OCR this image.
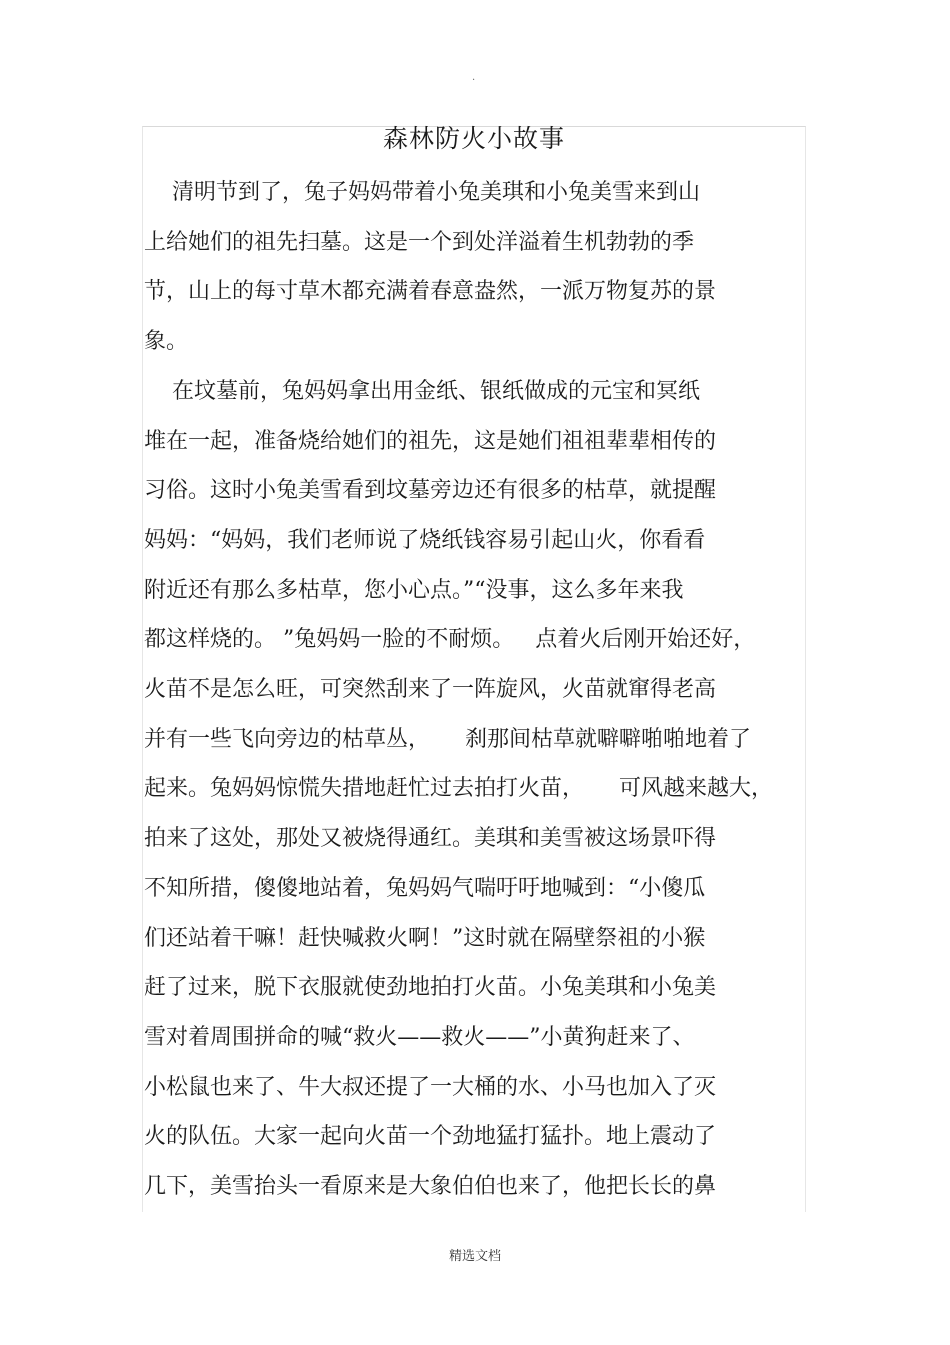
.
森林防火小故事
清明节到了，兔子妈妈带着小兔美琪和小兔美雪来到山
上给她们的祖先扫墓。这是一个到处洋溢着生机勃勃的季
节，山上的每寸草木都充满着春意盎然，一派万物复苏的景
象。
在坟墓前，兔妈妈拿出用金纸、银纸做成的元宝和冥纸
堆在一起，准备烧给她们的祖先，这是她们祖祖辈辈相传的
习俗。这时小兔美雪看到坟墓旁边还有很多的枯草，就提醒
妈妈：“妈妈，我们老师说了烧纸钱容易引起山火，你看看
附近还有那么多枯草，您小心点。”“没事，这么多年来我
都这样烧的。 ”兔妈妈一脸的不耐烦。   点着火后刚开始还好，
火苗不是怎么旺，可突然刮来了一阵旋风，火苗就窜得老高
并有一些飞向旁边的枯草丛，     刹那间枯草就噼噼啪啪地着了
起来。兔妈妈惊慌失措地赶忙过去拍打火苗，     可风越来越大，
拍来了这处，那处又被烧得通红。美琪和美雪被这场景吓得
不知所措，傻傻地站着，兔妈妈气喘吁吁地喊到：“小傻瓜
们还站着干嘛！赶快喊救火啊！”这时就在隔壁祭祖的小猴
赶了过来，脱下衣服就使劲地拍打火苗。小兔美琪和小兔美
雪对着周围拼命的喊“救火——救火——”小黄狗赶来了、
小松鼠也来了、牛大叔还提了一大桶的水、小马也加入了灭
火的队伍。大家一起向火苗一个劲地猛打猛扑。地上震动了
几下，美雪抬头一看原来是大象伯伯也来了，他把长长的鼻
精选文档
